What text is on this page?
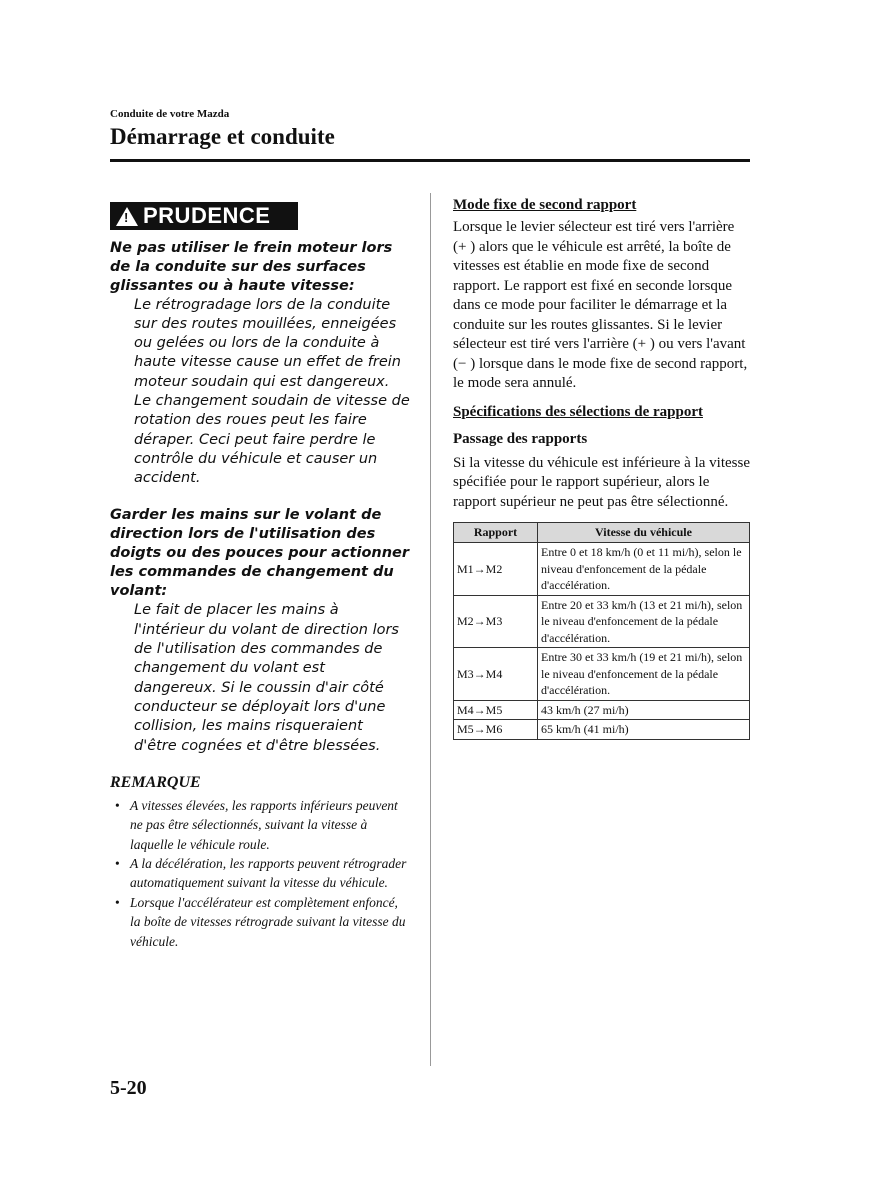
Conduite de votre Mazda
Démarrage et conduite
! PRUDENCE
Ne pas utiliser le frein moteur lors de la conduite sur des surfaces glissantes ou à haute vitesse:
Le rétrogradage lors de la conduite sur des routes mouillées, enneigées ou gelées ou lors de la conduite à haute vitesse cause un effet de frein moteur soudain qui est dangereux. Le changement soudain de vitesse de rotation des roues peut les faire déraper. Ceci peut faire perdre le contrôle du véhicule et causer un accident.
Garder les mains sur le volant de direction lors de l'utilisation des doigts ou des pouces pour actionner les commandes de changement du volant:
Le fait de placer les mains à l'intérieur du volant de direction lors de l'utilisation des commandes de changement du volant est dangereux. Si le coussin d'air côté conducteur se déployait lors d'une collision, les mains risqueraient d'être cognées et d'être blessées.
REMARQUE
• A vitesses élevées, les rapports inférieurs peuvent ne pas être sélectionnés, suivant la vitesse à laquelle le véhicule roule.
• A la décélération, les rapports peuvent rétrograder automatiquement suivant la vitesse du véhicule.
• Lorsque l'accélérateur est complètement enfoncé, la boîte de vitesses rétrograde suivant la vitesse du véhicule.
Mode fixe de second rapport
Lorsque le levier sélecteur est tiré vers l'arrière (+ ) alors que le véhicule est arrêté, la boîte de vitesses est établie en mode fixe de second rapport. Le rapport est fixé en seconde lorsque dans ce mode pour faciliter le démarrage et la conduite sur les routes glissantes. Si le levier sélecteur est tiré vers l'arrière (+ ) ou vers l'avant (− ) lorsque dans le mode fixe de second rapport, le mode sera annulé.
Spécifications des sélections de rapport
Passage des rapports
Si la vitesse du véhicule est inférieure à la vitesse spécifiée pour le rapport supérieur, alors le rapport supérieur ne peut pas être sélectionné.
Rapport	Vitesse du véhicule
M1→M2	Entre 0 et 18 km/h (0 et 11 mi/h), selon le niveau d'enfoncement de la pédale d'accélération.
M2→M3	Entre 20 et 33 km/h (13 et 21 mi/h), selon le niveau d'enfoncement de la pédale d'accélération.
M3→M4	Entre 30 et 33 km/h (19 et 21 mi/h), selon le niveau d'enfoncement de la pédale d'accélération.
M4→M5	43 km/h (27 mi/h)
M5→M6	65 km/h (41 mi/h)
5-20
